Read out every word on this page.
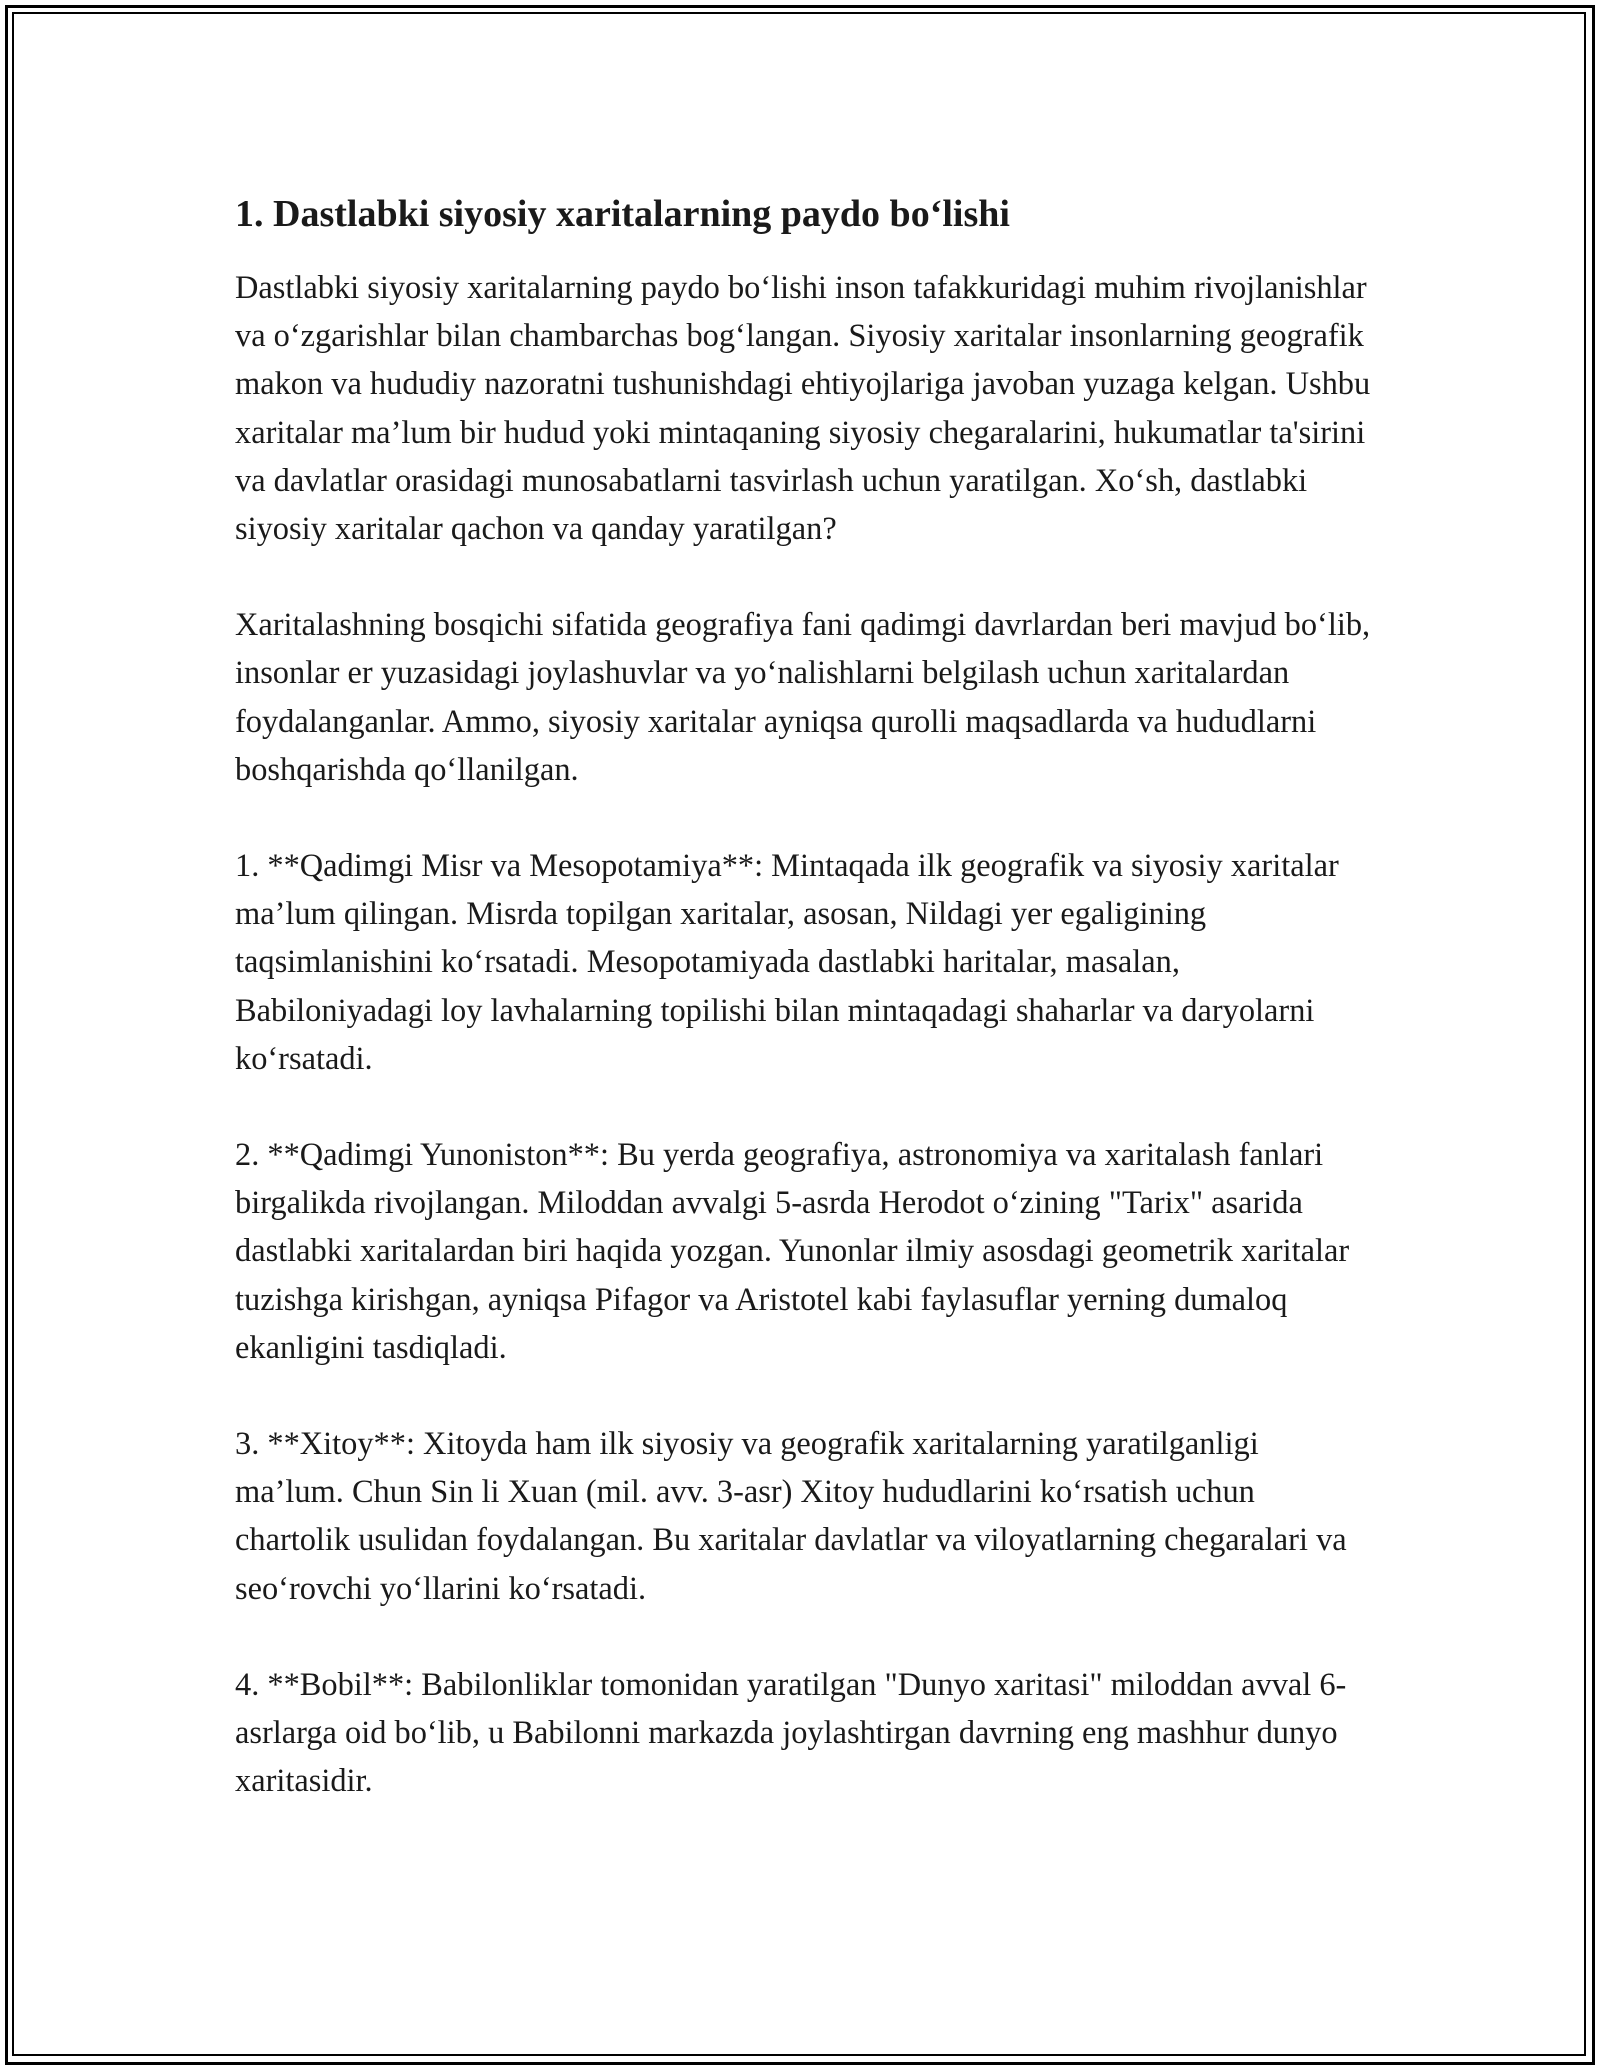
1. Dastlabki siyosiy xaritalarning paydo bo‘lishi

Dastlabki siyosiy xaritalarning paydo bo‘lishi inson tafakkuridagi muhim rivojlanishlar va o‘zgarishlar bilan chambarchas bog‘langan. Siyosiy xaritalar insonlarning geografik makon va hududiy nazoratni tushunishdagi ehtiyojlariga javoban yuzaga kelgan. Ushbu xaritalar ma’lum bir hudud yoki mintaqaning siyosiy chegaralarini, hukumatlar ta'sirini va davlatlar orasidagi munosabatlarni tasvirlash uchun yaratilgan. Xo‘sh, dastlabki siyosiy xaritalar qachon va qanday yaratilgan?

Xaritalashning bosqichi sifatida geografiya fani qadimgi davrlardan beri mavjud bo‘lib, insonlar er yuzasidagi joylashuvlar va yo‘nalishlarni belgilash uchun xaritalardan foydalanganlar. Ammo, siyosiy xaritalar ayniqsa qurolli maqsadlarda va hududlarni boshqarishda qo‘llanilgan.

1. **Qadimgi Misr va Mesopotamiya**: Mintaqada ilk geografik va siyosiy xaritalar ma’lum qilingan. Misrda topilgan xaritalar, asosan, Nildagi yer egaligining taqsimlanishini ko‘rsatadi. Mesopotamiyada dastlabki haritalar, masalan, Babiloniyadagi loy lavhalarning topilishi bilan mintaqadagi shaharlar va daryolarni ko‘rsatadi.

2. **Qadimgi Yunoniston**: Bu yerda geografiya, astronomiya va xaritalash fanlari birgalikda rivojlangan. Miloddan avvalgi 5-asrda Herodot o‘zining "Tarix" asarida dastlabki xaritalardan biri haqida yozgan. Yunonlar ilmiy asosdagi geometrik xaritalar tuzishga kirishgan, ayniqsa Pifagor va Aristotel kabi faylasuflar yerning dumaloq ekanligini tasdiqladi.

3. **Xitoy**: Xitoyda ham ilk siyosiy va geografik xaritalarning yaratilganligi ma’lum. Chun Sin li Xuan (mil. avv. 3-asr) Xitoy hududlarini ko‘rsatish uchun chartolik usulidan foydalangan. Bu xaritalar davlatlar va viloyatlarning chegaralari va seo‘rovchi yo‘llarini ko‘rsatadi.

4. **Bobil**: Babilonliklar tomonidan yaratilgan "Dunyo xaritasi" miloddan avval 6-asrlarga oid bo‘lib, u Babilonni markazda joylashtirgan davrning eng mashhur dunyo xaritasidir.
